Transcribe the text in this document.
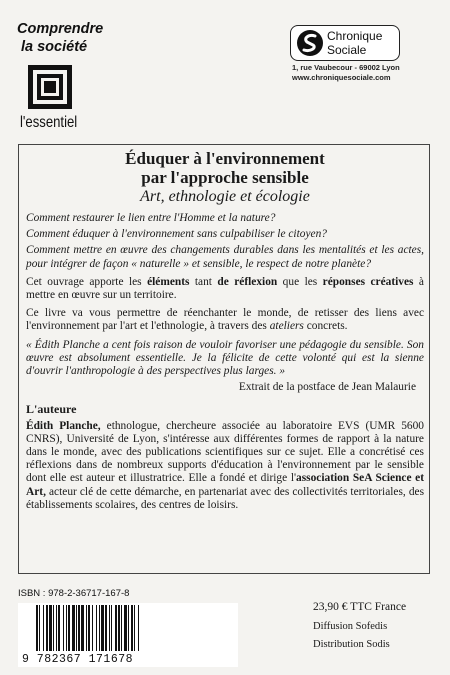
Comprendre
la société
l'essentiel
Chronique
Sociale
1, rue Vaubecour - 69002 Lyon
www.chroniquesociale.com
Éduquer à l'environnement
par l'approche sensible
Art, ethnologie et écologie
Comment restaurer le lien entre l'Homme et la nature?
Comment éduquer à l'environnement sans culpabiliser le citoyen?
Comment mettre en œuvre des changements durables dans les mentalités et les actes, pour intégrer de façon « naturelle » et sensible, le respect de notre planète?

Cet ouvrage apporte les éléments tant de réflexion que les réponses créatives à mettre en œuvre sur un territoire.

Ce livre va vous permettre de réenchanter le monde, de retisser des liens avec l'environnement par l'art et l'ethnologie, à travers des ateliers concrets.

« Édith Planche a cent fois raison de vouloir favoriser une pédagogie du sensible. Son œuvre est absolument essentielle. Je la félicite de cette volonté qui est la sienne d'ouvrir l'anthropologie à des perspectives plus larges. »
Extrait de la postface de Jean Malaurie
L'auteure

Édith Planche, ethnologue, chercheure associée au laboratoire EVS (UMR 5600 CNRS), Université de Lyon, s'intéresse aux différentes formes de rapport à la nature dans le monde, avec des publications scientifiques sur ce sujet. Elle a concrétisé ces réflexions dans de nombreux supports d'éducation à l'environnement par le sensible dont elle est auteur et illustratrice. Elle a fondé et dirige l'association SeA Science et Art, acteur clé de cette démarche, en partenariat avec des collectivités territoriales, des établissements scolaires, des centres de loisirs.

ISBN : 978-2-36717-167-8
9 782367 171678
23,90 € TTC France
Diffusion Sofedis
Distribution Sodis
